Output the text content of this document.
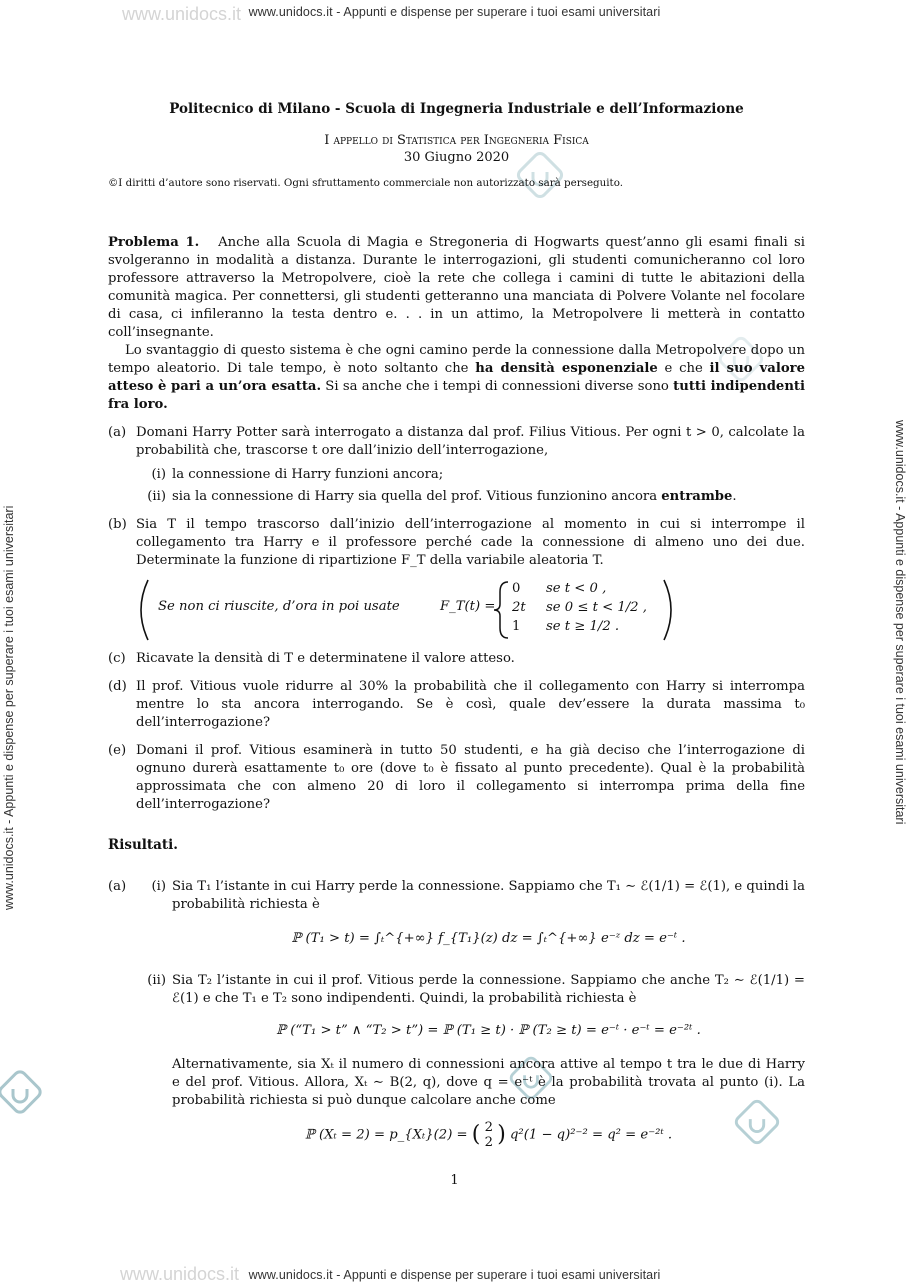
www.unidocs.it - Appunti e dispense per superare i tuoi esami universitari
www.unidocs.it - Appunti e dispense per superare i tuoi esami universitari
www.unidocs.it - Appunti e dispense per superare i tuoi esami universitari	www.unidocs.it - Appunti e dispense per superare i tuoi esami universitari
www.unidocs.it
www.unidocs.it
Politecnico di Milano - Scuola di Ingegneria Industriale e dell’Informazione
I appello di Statistica per Ingegneria Fisica
30 Giugno 2020
©I diritti d’autore sono riservati. Ogni sfruttamento commerciale non autorizzato sarà perseguito.

Problema 1. Anche alla Scuola di Magia e Stregoneria di Hogwarts quest’anno gli esami finali si svolgeranno in modalità a distanza. Durante le interrogazioni, gli studenti comunicheranno col loro professore attraverso la Metropolvere, cioè la rete che collega i camini di tutte le abitazioni della comunità magica. Per connettersi, gli studenti getteranno una manciata di Polvere Volante nel focolare di casa, ci infileranno la testa dentro e. . . in un attimo, la Metropolvere li metterà in contatto coll’insegnante.

Lo svantaggio di questo sistema è che ogni camino perde la connessione dalla Metropolvere dopo un tempo aleatorio. Di tale tempo, è noto soltanto che ha densità esponenziale e che il suo valore atteso è pari a un’ora esatta. Si sa anche che i tempi di connessioni diverse sono tutti indipendenti fra loro.

(a) Domani Harry Potter sarà interrogato a distanza dal prof. Filius Vitious. Per ogni t > 0, calcolate la probabilità che, trascorse t ore dall’inizio dell’interrogazione,
(i) la connessione di Harry funzioni ancora;
(ii) sia la connessione di Harry sia quella del prof. Vitious funzionino ancora entrambe.
(b) Sia T il tempo trascorso dall’inizio dell’interrogazione al momento in cui si interrompe il collegamento tra Harry e il professore perché cade la connessione di almeno uno dei due. Determinate la funzione di ripartizione F_T della variabile aleatoria T.
Se non ci riuscite, d’ora in poi usate	F_T(t) =
0
2t
1
se t < 0 ,
se 0 ≤ t < 1/2 ,
se t ≥ 1/2 .
(c) Ricavate la densità di T e determinatene il valore atteso.
(d) Il prof. Vitious vuole ridurre al 30% la probabilità che il collegamento con Harry si interrompa mentre lo sta ancora interrogando. Se è così, quale dev’essere la durata massima t₀ dell’interrogazione?
(e) Domani il prof. Vitious esaminerà in tutto 50 studenti, e ha già deciso che l’interrogazione di ognuno durerà esattamente t₀ ore (dove t₀ è fissato al punto precedente). Qual è la probabilità approssimata che con almeno 20 di loro il collegamento si interrompa prima della fine dell’interrogazione?
Risultati.
(a)	(i) Sia T₁ l’istante in cui Harry perde la connessione. Sappiamo che T₁ ∼ ℰ(1/1) = ℰ(1), e quindi la probabilità richiesta è

ℙ (T₁ > t) = ∫ₜ^{+∞} f_{T₁}(z) dz = ∫ₜ^{+∞} e⁻ᶻ dz = e⁻ᵗ .
(ii) Sia T₂ l’istante in cui il prof. Vitious perde la connessione. Sappiamo che anche T₂ ∼ ℰ(1/1) = ℰ(1) e che T₁ e T₂ sono indipendenti. Quindi, la probabilità richiesta è

ℙ (“T₁ > t” ∧ “T₂ > t”) = ℙ (T₁ ≥ t) · ℙ (T₂ ≥ t) = e⁻ᵗ · e⁻ᵗ = e⁻²ᵗ .

Alternativamente, sia Xₜ il numero di connessioni ancora attive al tempo t tra le due di Harry e del prof. Vitious. Allora, Xₜ ∼ B(2, q), dove q = e⁻ᵗ è la probabilità trovata al punto (i). La probabilità richiesta si può dunque calcolare anche come

ℙ (Xₜ = 2) = p_{Xₜ}(2) = ( 2
2 ) q²(1 − q)²⁻² = q² = e⁻²ᵗ .
1
